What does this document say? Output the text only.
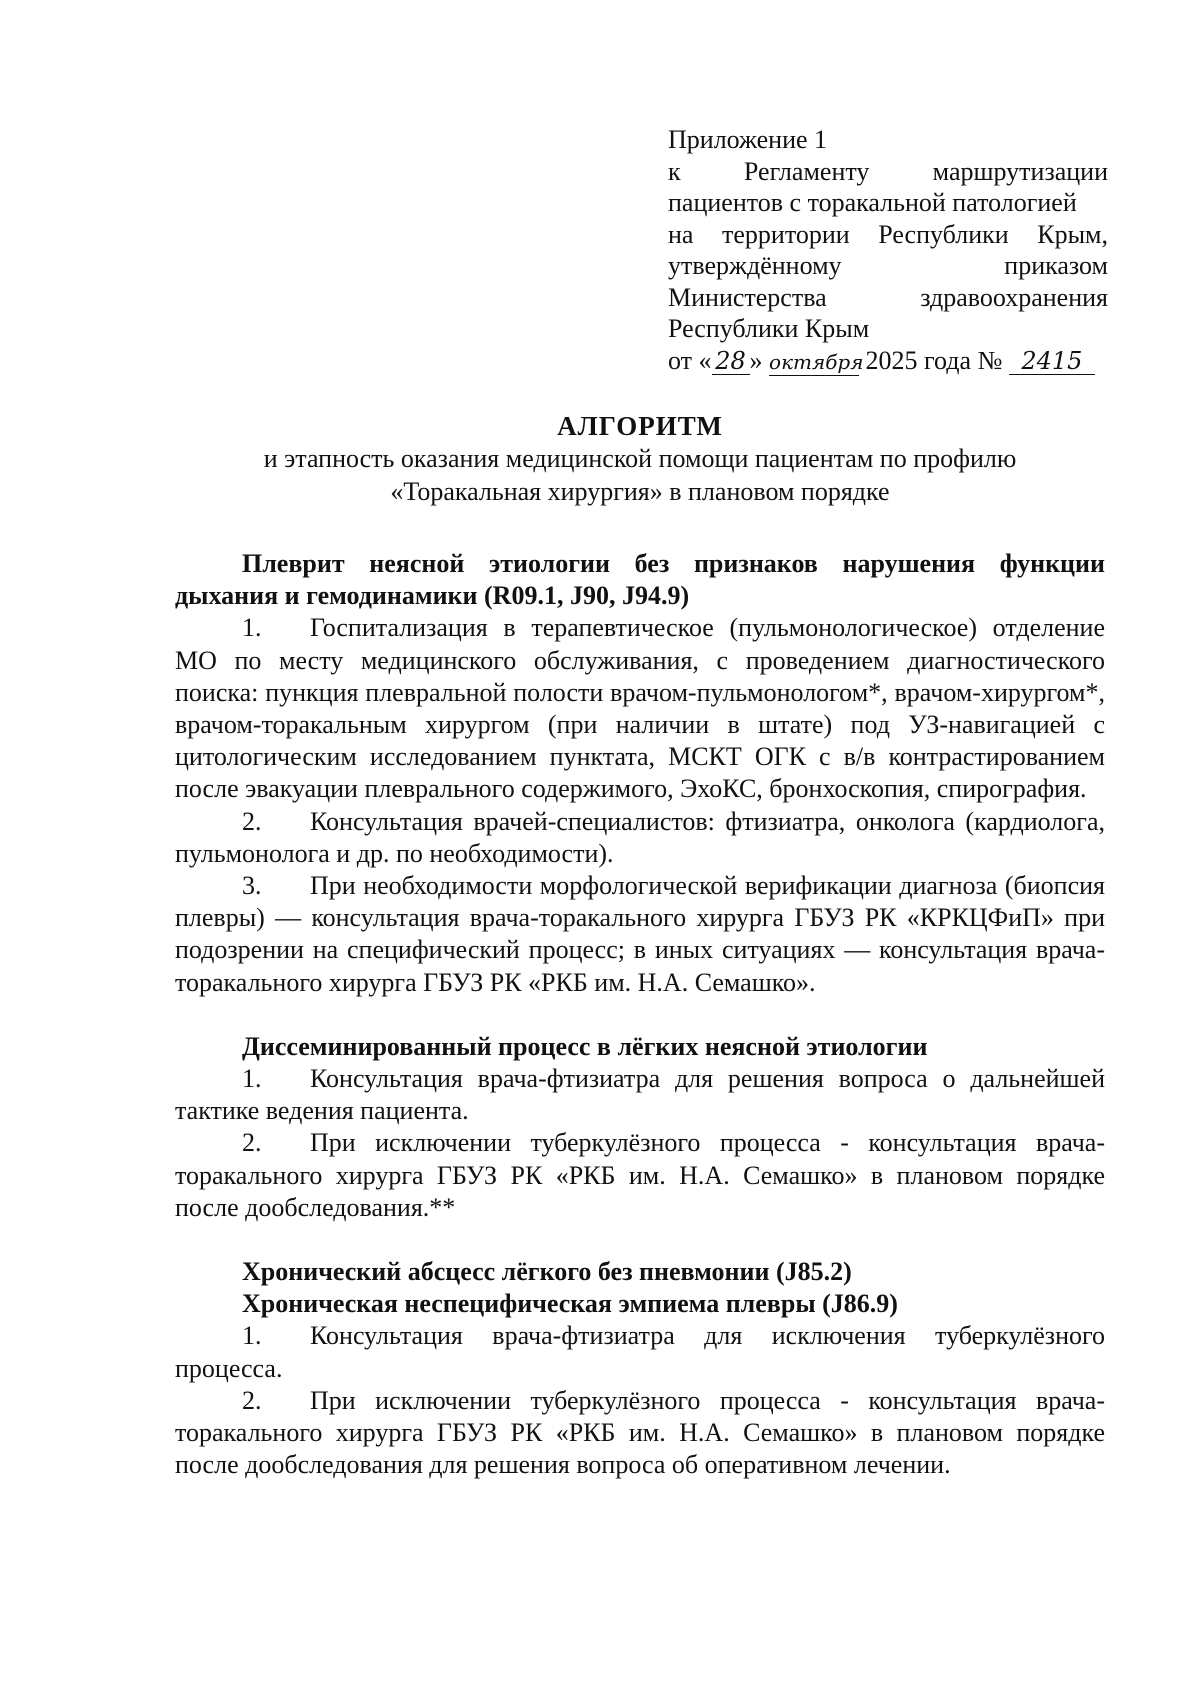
Приложение 1
к Регламенту маршрутизации
пациентов с торакальной патологией
на территории Республики Крым,
утверждённому приказом
Министерства здравоохранения
Республики Крым
от « 28 » октября 2025 года № 2415
АЛГОРИТМ

и этапность оказания медицинской помощи пациентам по профилю

«Торакальная хирургия» в плановом порядке

Плеврит неясной этиологии без признаков нарушения функции дыхания и гемодинамики (R09.1, J90, J94.9)

1. Госпитализация в терапевтическое (пульмонологическое) отделение МО по месту медицинского обслуживания, с проведением диагностического поиска: пункция плевральной полости врачом-пульмонологом*, врачом-хирургом*, врачом-торакальным хирургом (при наличии в штате) под УЗ-навигацией с цитологическим исследованием пунктата, МСКТ ОГК с в/в контрастированием после эвакуации плеврального содержимого, ЭхоКС, бронхоскопия, спирография.

2. Консультация врачей-специалистов: фтизиатра, онколога (кардиолога, пульмонолога и др. по необходимости).

3. При необходимости морфологической верификации диагноза (биопсия плевры) — консультация врача-торакального хирурга ГБУЗ РК «КРКЦФиП» при подозрении на специфический процесс; в иных ситуациях — консультация врача-торакального хирурга ГБУЗ РК «РКБ им. Н.А. Семашко».

Диссеминированный процесс в лёгких неясной этиологии

1. Консультация врача-фтизиатра для решения вопроса о дальнейшей тактике ведения пациента.

2. При исключении туберкулёзного процесса - консультация врача-торакального хирурга ГБУЗ РК «РКБ им. Н.А. Семашко» в плановом порядке после дообследования.**

Хронический абсцесс лёгкого без пневмонии (J85.2)

Хроническая неспецифическая эмпиема плевры (J86.9)

1. Консультация врача-фтизиатра для исключения туберкулёзного процесса.

2. При исключении туберкулёзного процесса - консультация врача-торакального хирурга ГБУЗ РК «РКБ им. Н.А. Семашко» в плановом порядке после дообследования для решения вопроса об оперативном лечении.
